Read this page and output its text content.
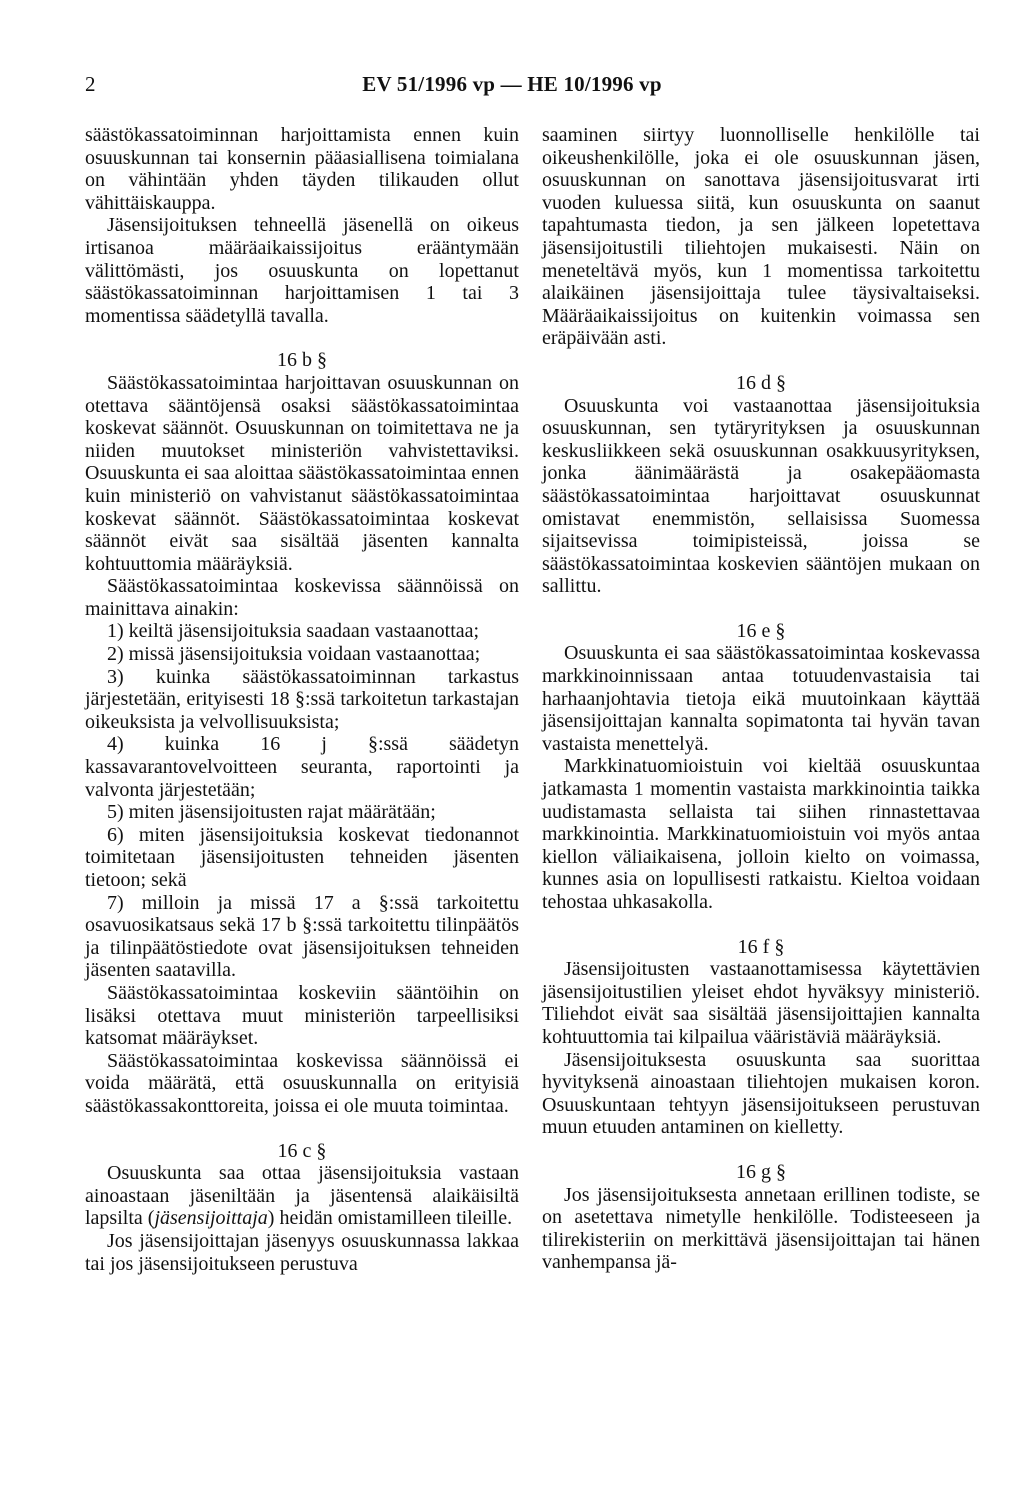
2	EV 51/1996 vp — HE 10/1996 vp

säästökassatoiminnan harjoittamista ennen kuin osuuskunnan tai konsernin pääasiallisena toimialana on vähintään yhden täyden tilikauden ollut vähittäiskauppa.

Jäsensijoituksen tehneellä jäsenellä on oikeus irtisanoa määräaikaissijoitus erääntymään välittömästi, jos osuuskunta on lopettanut säästökassatoiminnan harjoittamisen 1 tai 3 momentissa säädetyllä tavalla.

16 b §

Säästökassatoimintaa harjoittavan osuuskunnan on otettava sääntöjensä osaksi säästökassatoimintaa koskevat säännöt. Osuuskunnan on toimitettava ne ja niiden muutokset ministeriön vahvistettaviksi. Osuuskunta ei saa aloittaa säästökassatoimintaa ennen kuin ministeriö on vahvistanut säästökassatoimintaa koskevat säännöt. Säästökassatoimintaa koskevat säännöt eivät saa sisältää jäsenten kannalta kohtuuttomia määräyksiä.

Säästökassatoimintaa koskevissa säännöissä on mainittava ainakin:

1) keiltä jäsensijoituksia saadaan vastaanottaa;

2) missä jäsensijoituksia voidaan vastaanottaa;

3) kuinka säästökassatoiminnan tarkastus järjestetään, erityisesti 18 §:ssä tarkoitetun tarkastajan oikeuksista ja velvollisuuksista;

4) kuinka 16 j §:ssä säädetyn kassavarantovelvoitteen seuranta, raportointi ja valvonta järjestetään;

5) miten jäsensijoitusten rajat määrätään;

6) miten jäsensijoituksia koskevat tiedonannot toimitetaan jäsensijoitusten tehneiden jäsenten tietoon; sekä

7) milloin ja missä 17 a §:ssä tarkoitettu osavuosikatsaus sekä 17 b §:ssä tarkoitettu tilinpäätös ja tilinpäätöstiedote ovat jäsensijoituksen tehneiden jäsenten saatavilla.

Säästökassatoimintaa koskeviin sääntöihin on lisäksi otettava muut ministeriön tarpeellisiksi katsomat määräykset.

Säästökassatoimintaa koskevissa säännöissä ei voida määrätä, että osuuskunnalla on erityisiä säästökassakonttoreita, joissa ei ole muuta toimintaa.

16 c §

Osuuskunta saa ottaa jäsensijoituksia vastaan ainoastaan jäseniltään ja jäsentensä alaikäisiltä lapsilta (jäsensijoittaja) heidän omistamilleen tileille.

Jos jäsensijoittajan jäsenyys osuuskunnassa lakkaa tai jos jäsensijoitukseen perustuva

saaminen siirtyy luonnolliselle henkilölle tai oikeushenkilölle, joka ei ole osuuskunnan jäsen, osuuskunnan on sanottava jäsensijoitusvarat irti vuoden kuluessa siitä, kun osuuskunta on saanut tapahtumasta tiedon, ja sen jälkeen lopetettava jäsensijoitustili tiliehtojen mukaisesti. Näin on meneteltävä myös, kun 1 momentissa tarkoitettu alaikäinen jäsensijoittaja tulee täysivaltaiseksi. Määräaikaissijoitus on kuitenkin voimassa sen eräpäivään asti.

16 d §

Osuuskunta voi vastaanottaa jäsensijoituksia osuuskunnan, sen tytäryrityksen ja osuuskunnan keskusliikkeen sekä osuuskunnan osakkuusyrityksen, jonka äänimäärästä ja osakepääomasta säästökassatoimintaa harjoittavat osuuskunnat omistavat enemmistön, sellaisissa Suomessa sijaitsevissa toimipisteissä, joissa se säästökassatoimintaa koskevien sääntöjen mukaan on sallittu.

16 e §

Osuuskunta ei saa säästökassatoimintaa koskevassa markkinoinnissaan antaa totuudenvastaisia tai harhaanjohtavia tietoja eikä muutoinkaan käyttää jäsensijoittajan kannalta sopimatonta tai hyvän tavan vastaista menettelyä.

Markkinatuomioistuin voi kieltää osuuskuntaa jatkamasta 1 momentin vastaista markkinointia taikka uudistamasta sellaista tai siihen rinnastettavaa markkinointia. Markkinatuomioistuin voi myös antaa kiellon väliaikaisena, jolloin kielto on voimassa, kunnes asia on lopullisesti ratkaistu. Kieltoa voidaan tehostaa uhkasakolla.

16 f §

Jäsensijoitusten vastaanottamisessa käytettävien jäsensijoitustilien yleiset ehdot hyväksyy ministeriö. Tiliehdot eivät saa sisältää jäsensijoittajien kannalta kohtuuttomia tai kilpailua vääristäviä määräyksiä.

Jäsensijoituksesta osuuskunta saa suorittaa hyvityksenä ainoastaan tiliehtojen mukaisen koron. Osuuskuntaan tehtyyn jäsensijoitukseen perustuvan muun etuuden antaminen on kielletty.

16 g §

Jos jäsensijoituksesta annetaan erillinen todiste, se on asetettava nimetylle henkilölle. Todisteeseen ja tilirekisteriin on merkittävä jäsensijoittajan tai hänen vanhempansa jä-
